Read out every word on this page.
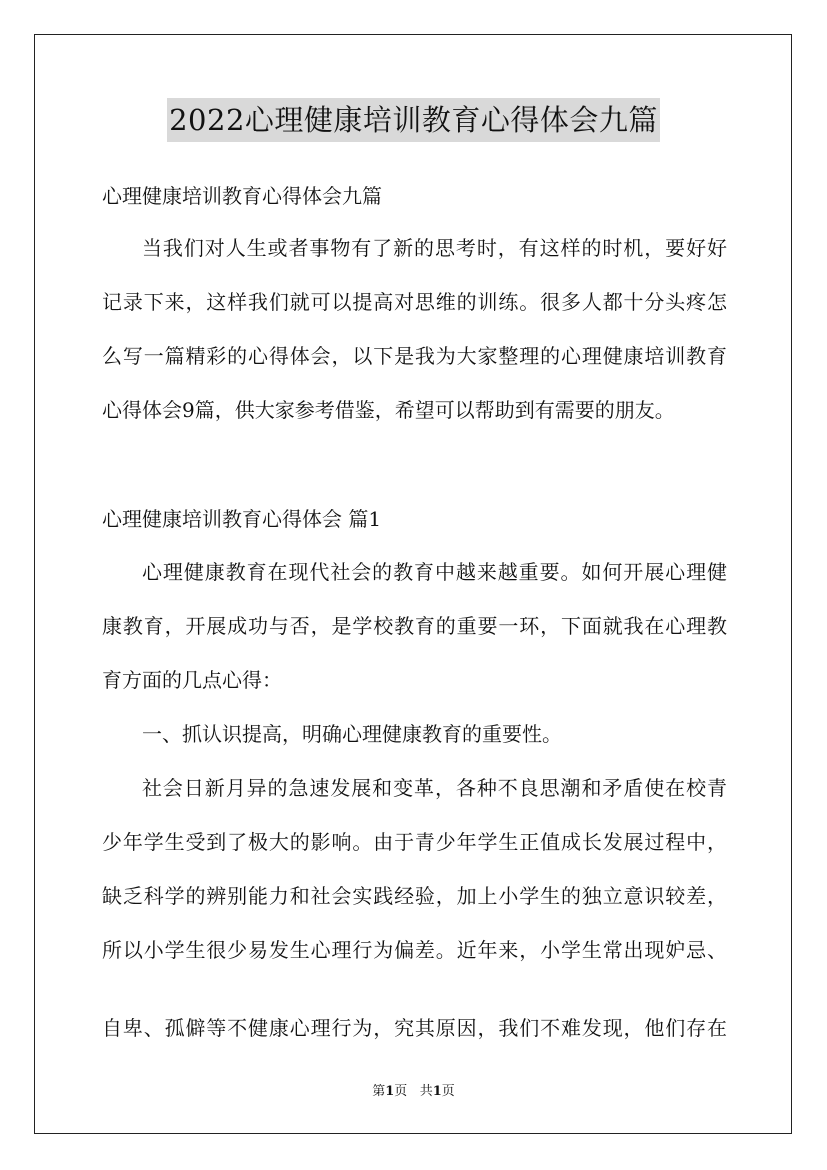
2022心理健康培训教育心得体会九篇
心理健康培训教育心得体会九篇
当我们对人生或者事物有了新的思考时，有这样的时机，要好好
记录下来，这样我们就可以提高对思维的训练。很多人都十分头疼怎
么写一篇精彩的心得体会，以下是我为大家整理的心理健康培训教育
心得体会9篇，供大家参考借鉴，希望可以帮助到有需要的朋友。
心理健康培训教育心得体会 篇1
心理健康教育在现代社会的教育中越来越重要。如何开展心理健
康教育，开展成功与否，是学校教育的重要一环，下面就我在心理教
育方面的几点心得：
一、抓认识提高，明确心理健康教育的重要性。
社会日新月异的急速发展和变革，各种不良思潮和矛盾使在校青
少年学生受到了极大的影响。由于青少年学生正值成长发展过程中，
缺乏科学的辨别能力和社会实践经验，加上小学生的独立意识较差，
所以小学生很少易发生心理行为偏差。近年来，小学生常出现妒忌、
自卑、孤僻等不健康心理行为，究其原因，我们不难发现，他们存在
第1页 共1页
